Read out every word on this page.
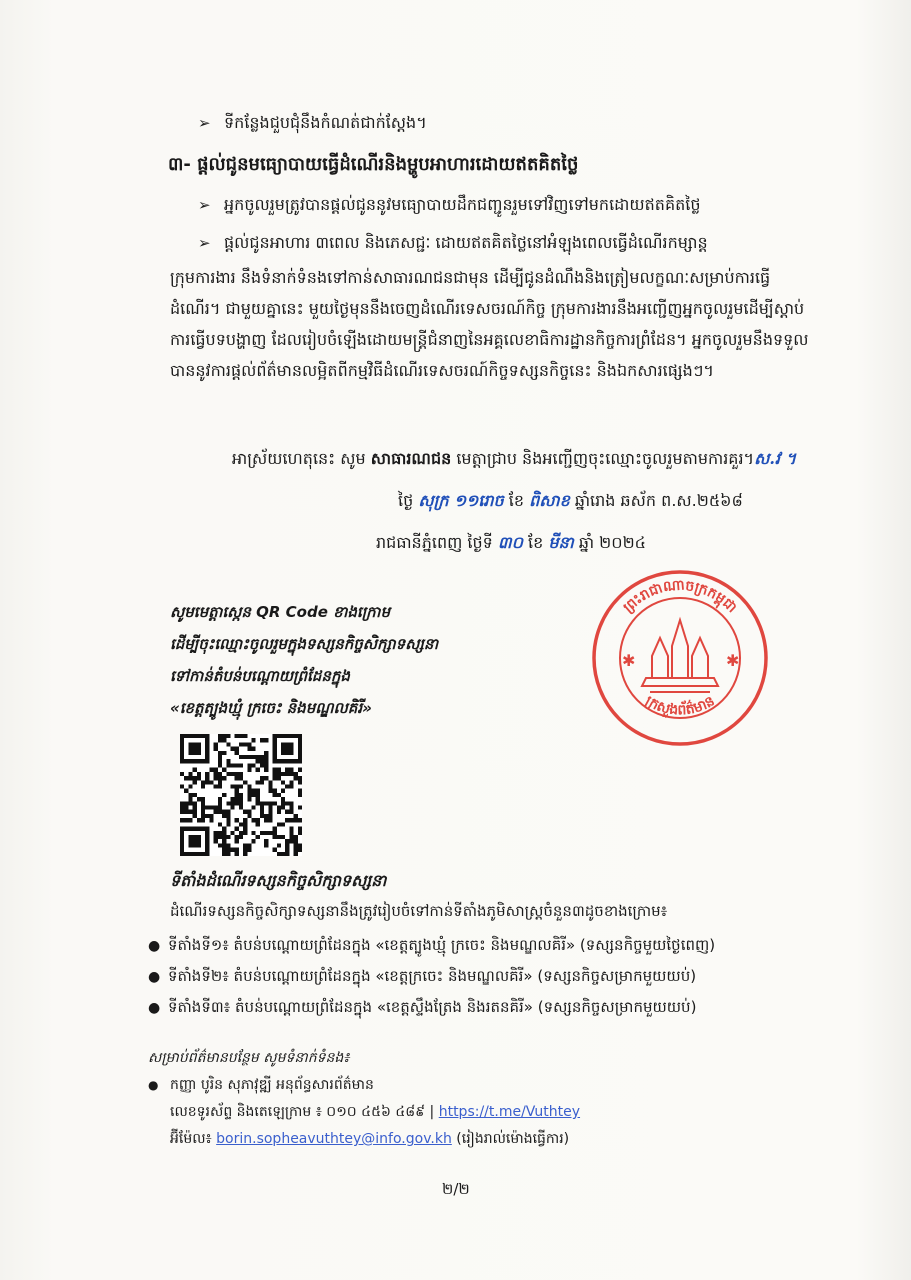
➢ ទីកន្លែងជួបជុំនឹងកំណត់ជាក់ស្តែង។
៣- ផ្តល់ជូនមធ្យោបាយធ្វើដំណើរនិងម្ហូបអាហារដោយឥតគិតថ្លៃ
➢ អ្នកចូលរួមត្រូវបានផ្តល់ជូននូវមធ្យោបាយដឹកជញ្ជូនរួមទៅវិញទៅមកដោយឥតគិតថ្លៃ
➢ ផ្តល់ជូនអាហារ ៣ពេល និងភេសជ្ជៈ ដោយឥតគិតថ្លៃនៅអំឡុងពេលធ្វើដំណើរកម្សាន្ត
ក្រុមការងារ នឹងទំនាក់ទំនងទៅកាន់សាធារណជនជាមុន ដើម្បីជូនដំណឹងនិងត្រៀមលក្ខណៈសម្រាប់ការធ្វើដំណើរ។ ជាមួយគ្នានេះ មួយថ្ងៃមុននឹងចេញដំណើរទេសចរណ៍កិច្ច ក្រុមការងារនឹងអញ្ជើញអ្នកចូលរួមដើម្បីស្តាប់ការធ្វើបទបង្ហាញ ដែលរៀបចំឡើងដោយមន្ត្រីជំនាញនៃអគ្គលេខាធិការដ្ឋានកិច្ចការព្រំដែន។ អ្នកចូលរួមនឹងទទួលបាននូវការផ្តល់ព័ត៌មានលម្អិតពីកម្មវិធីដំណើរទេសចរណ៍កិច្ចទស្សនកិច្ចនេះ និងឯកសារផ្សេងៗ។
អាស្រ័យហេតុនេះ សូម សាធារណជន មេត្តាជ្រាប និងអញ្ជើញចុះឈ្មោះចូលរួមតាមការគួរ។ស.វ ។
ថ្ងៃ សុក្រ ១១រោច ខែ ពិសាខ ឆ្នាំរោង ឆស័ក ព.ស.២៥៦៨
រាជធានីភ្នំពេញ ថ្ងៃទី ៣០ ខែ មីនា ឆ្នាំ ២០២៤
សូមមេត្តាស្កេន QR Code ខាងក្រោម
ដើម្បីចុះឈ្មោះចូលរួមក្នុងទស្សនកិច្ចសិក្សាទស្សនា
ទៅកាន់តំបន់បណ្តោយព្រំដែនក្នុង
«ខេត្តត្បូងឃ្មុំ ក្រចេះ និងមណ្ឌលគិរី»
ព្រះរាជាណាចក្រកម្ពុជា
ក្រសួងព័ត៌មាន
✱	✱
ទីតាំងដំណើរទស្សនកិច្ចសិក្សាទស្សនា
ដំណើរទស្សនកិច្ចសិក្សាទស្សនានឹងត្រូវរៀបចំទៅកាន់ទីតាំងភូមិសាស្ត្រចំនួន៣ដូចខាងក្រោម៖
● ទីតាំងទី១៖ តំបន់បណ្តោយព្រំដែនក្នុង «ខេត្តត្បូងឃ្មុំ ក្រចេះ និងមណ្ឌលគិរី» (ទស្សនកិច្ចមួយថ្ងៃពេញ)
● ទីតាំងទី២៖ តំបន់បណ្តោយព្រំដែនក្នុង «ខេត្តក្រចេះ និងមណ្ឌលគិរី» (ទស្សនកិច្ចសម្រាកមួយយប់)
● ទីតាំងទី៣៖ តំបន់បណ្តោយព្រំដែនក្នុង «ខេត្តស្ទឹងត្រែង និងរតនគិរី» (ទស្សនកិច្ចសម្រាកមួយយប់)
សម្រាប់ព័ត៌មានបន្ថែម សូមទំនាក់ទំនង៖
● កញ្ញា បូរិន សុភាវុឌ្ឍី អនុព័ន្ធសារព័ត៌មាន
លេខទូរស័ព្ទ និងតេឡេក្រាម ៖ ០១០ ៤៥៦ ៤៨៩ | https://t.me/Vuthtey
អ៊ីម៉ែល៖ borin.sopheavuthtey@info.gov.kh (រៀងរាល់ម៉ោងធ្វើការ)
២/២
